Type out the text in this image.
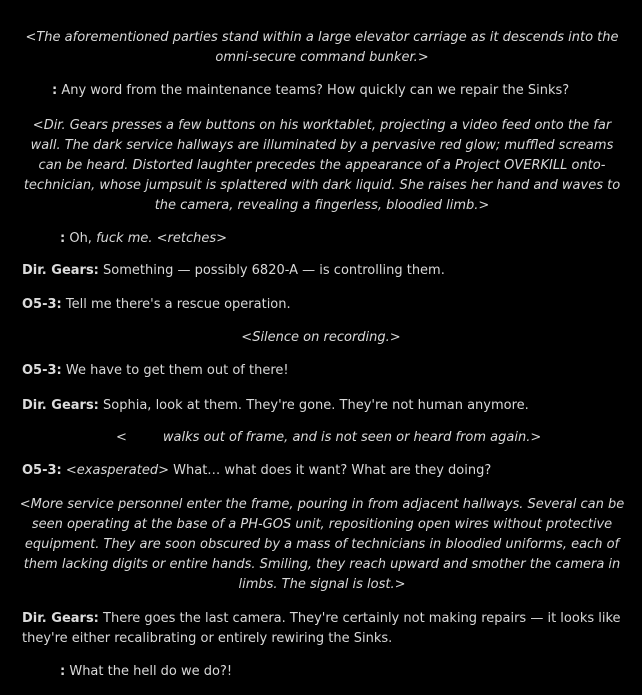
<The aforementioned parties stand within a large elevator carriage as it descends into the omni-secure command bunker.>
: Any word from the maintenance teams? How quickly can we repair the Sinks?
<Dir. Gears presses a few buttons on his worktablet, projecting a video feed onto the far wall. The dark service hallways are illuminated by a pervasive red glow; muffled screams can be heard. Distorted laughter precedes the appearance of a Project OVERKILL onto-technician, whose jumpsuit is splattered with dark liquid. She raises her hand and waves to the camera, revealing a fingerless, bloodied limb.>
: Oh, fuck me. <retches>
Dir. Gears: Something — possibly 6820-A — is controlling them.
O5-3: Tell me there's a rescue operation.
<Silence on recording.>
O5-3: We have to get them out of there!
Dir. Gears: Sophia, look at them. They're gone. They're not human anymore.
<	walks out of frame, and is not seen or heard from again.>
O5-3: <exasperated> What… what does it want? What are they doing?
<More service personnel enter the frame, pouring in from adjacent hallways. Several can be seen operating at the base of a PH-GOS unit, repositioning open wires without protective equipment. They are soon obscured by a mass of technicians in bloodied uniforms, each of them lacking digits or entire hands. Smiling, they reach upward and smother the camera in limbs. The signal is lost.>
Dir. Gears: There goes the last camera. They're certainly not making repairs — it looks like they're either recalibrating or entirely rewiring the Sinks.
: What the hell do we do?!
